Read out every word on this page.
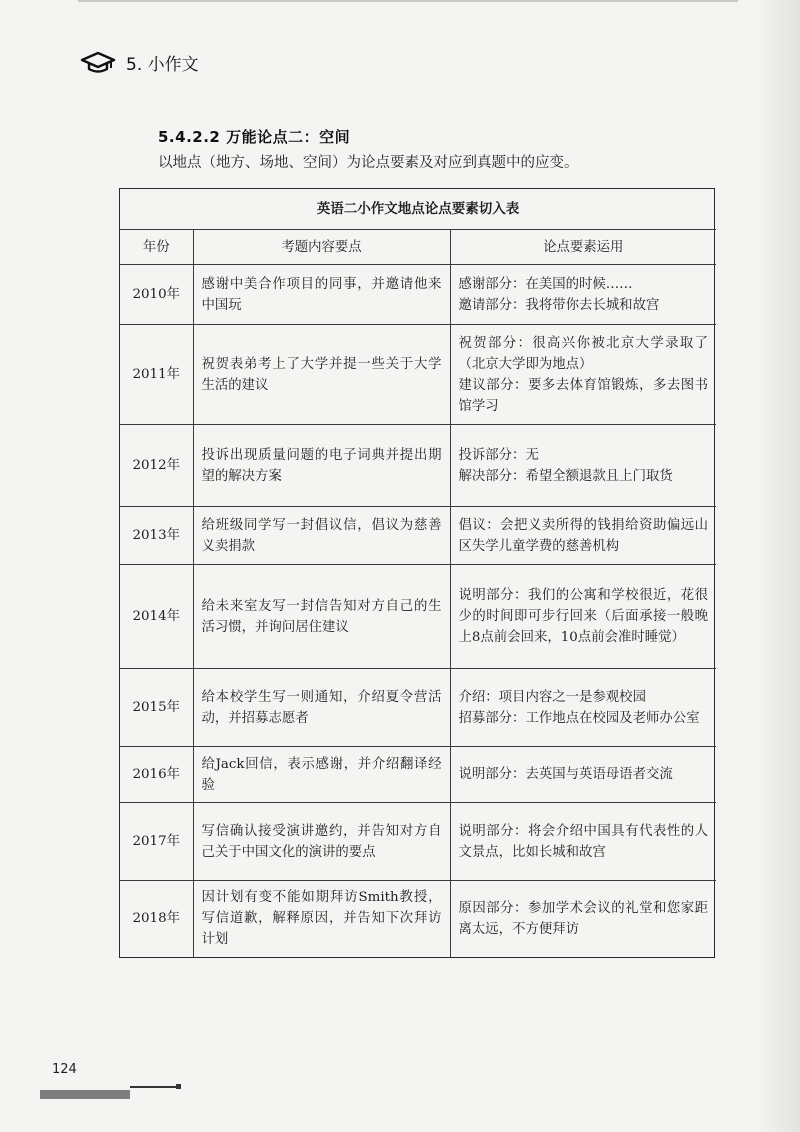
5. 小作文
5.4.2.2 万能论点二：空间
以地点（地方、场地、空间）为论点要素及对应到真题中的应变。
英语二小作文地点论点要素切入表		
年份	考题内容要点	论点要素运用
2010年	感谢中美合作项目的同事，并邀请他来中国玩	感谢部分：在美国的时候……
邀请部分：我将带你去长城和故宫

2011年	祝贺表弟考上了大学并提一些关于大学生活的建议	祝贺部分：很高兴你被北京大学录取了（北京大学即为地点）
建议部分：要多去体育馆锻炼，多去图书馆学习

2012年	投诉出现质量问题的电子词典并提出期望的解决方案	投诉部分：无
解决部分：希望全额退款且上门取货

2013年	给班级同学写一封倡议信，倡议为慈善义卖捐款	倡议：会把义卖所得的钱捐给资助偏远山区失学儿童学费的慈善机构
2014年	给未来室友写一封信告知对方自己的生活习惯，并询问居住建议	说明部分：我们的公寓和学校很近，花很少的时间即可步行回来（后面承接一般晚上8点前会回来，10点前会准时睡觉）
2015年	给本校学生写一则通知，介绍夏令营活动，并招募志愿者	介绍：项目内容之一是参观校园
招募部分：工作地点在校园及老师办公室

2016年	给Jack回信，表示感谢，并介绍翻译经验	说明部分：去英国与英语母语者交流
2017年	写信确认接受演讲邀约，并告知对方自己关于中国文化的演讲的要点	说明部分：将会介绍中国具有代表性的人文景点，比如长城和故宫
2018年	因计划有变不能如期拜访Smith教授，写信道歉，解释原因，并告知下次拜访计划	原因部分：参加学术会议的礼堂和您家距离太远，不方便拜访
124
